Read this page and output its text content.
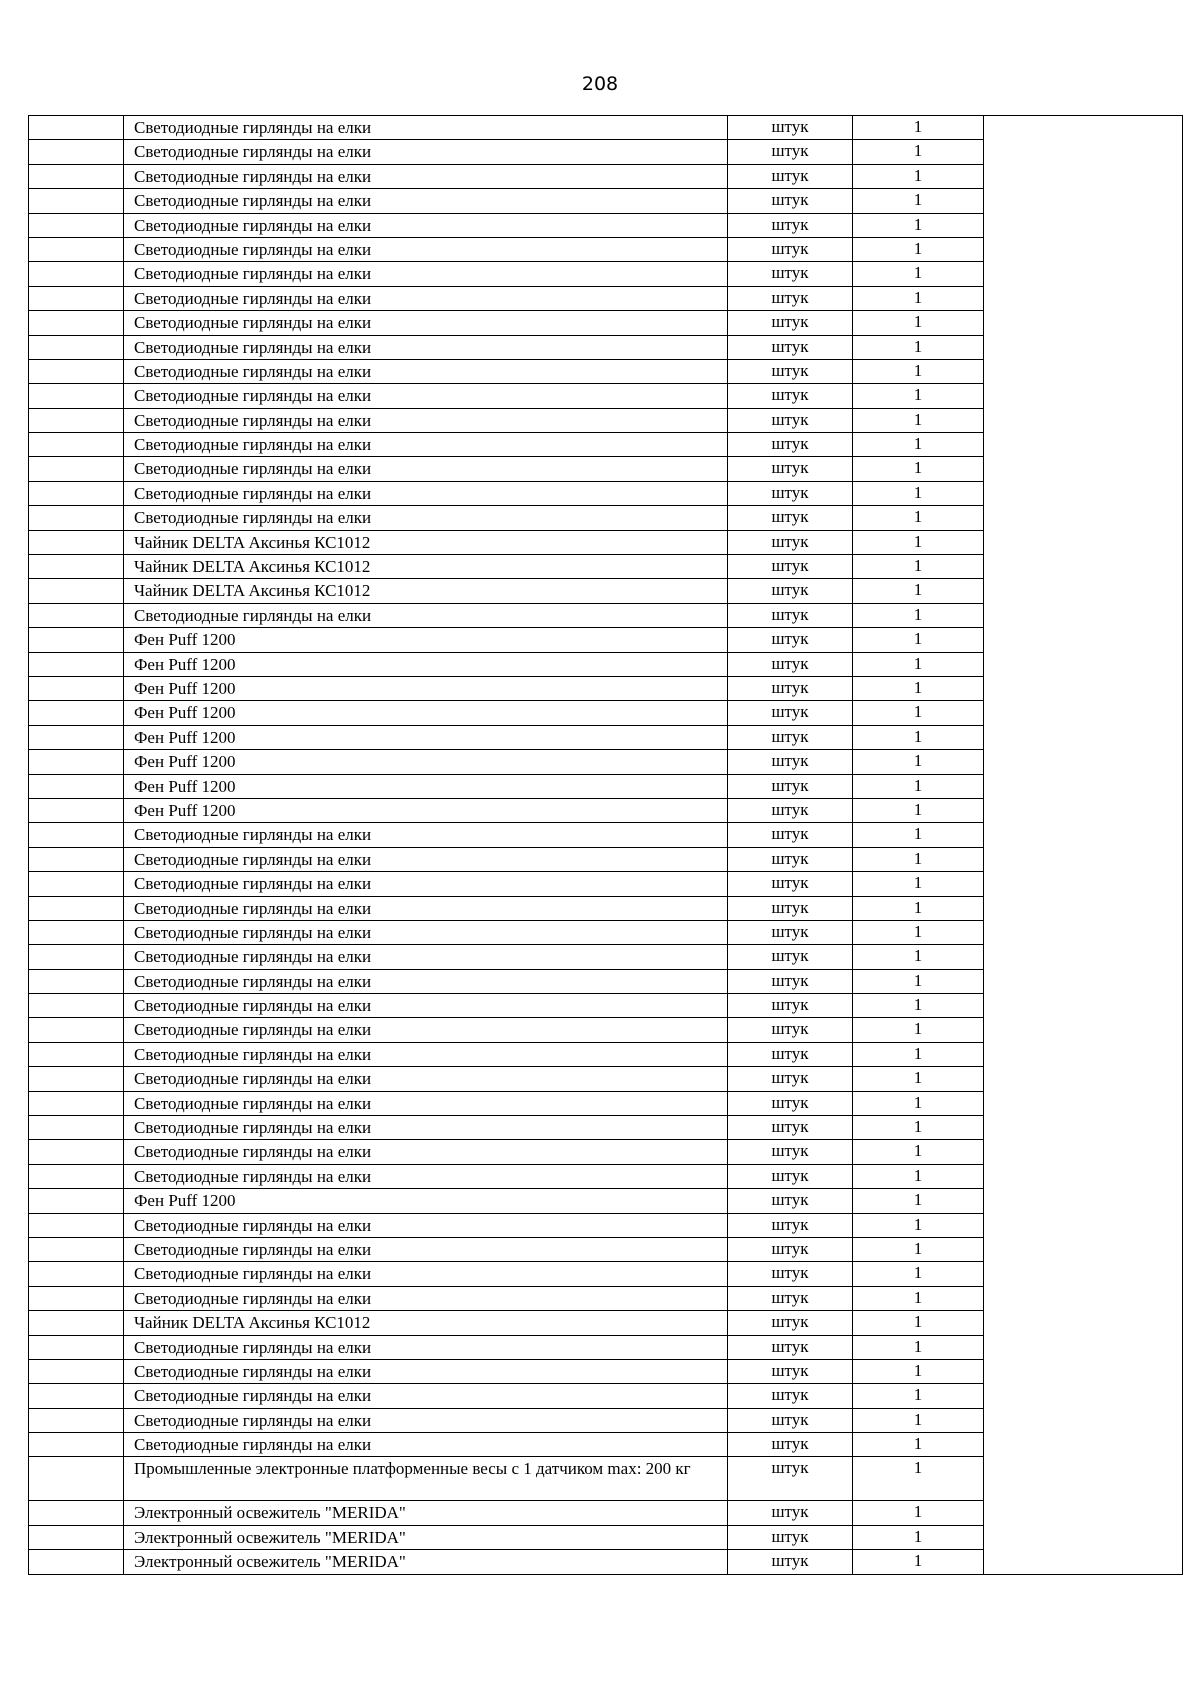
208

	Светодиодные гирлянды на елки	штук	1	

	Светодиодные гирлянды на елки	штук	1	

	Светодиодные гирлянды на елки	штук	1	

	Светодиодные гирлянды на елки	штук	1	

	Светодиодные гирлянды на елки	штук	1	

	Светодиодные гирлянды на елки	штук	1	

	Светодиодные гирлянды на елки	штук	1	

	Светодиодные гирлянды на елки	штук	1	

	Светодиодные гирлянды на елки	штук	1	

	Светодиодные гирлянды на елки	штук	1	

	Светодиодные гирлянды на елки	штук	1	

	Светодиодные гирлянды на елки	штук	1	

	Светодиодные гирлянды на елки	штук	1	

	Светодиодные гирлянды на елки	штук	1	

	Светодиодные гирлянды на елки	штук	1	

	Светодиодные гирлянды на елки	штук	1	

	Светодиодные гирлянды на елки	штук	1	

	Чайник DELTA Аксинья КС1012	штук	1	

	Чайник DELTA Аксинья КС1012	штук	1	

	Чайник DELTA Аксинья КС1012	штук	1	

	Светодиодные гирлянды на елки	штук	1	

	Фен Puff 1200	штук	1	

	Фен Puff 1200	штук	1	

	Фен Puff 1200	штук	1	

	Фен Puff 1200	штук	1	

	Фен Puff 1200	штук	1	

	Фен Puff 1200	штук	1	

	Фен Puff 1200	штук	1	

	Фен Puff 1200	штук	1	

	Светодиодные гирлянды на елки	штук	1	

	Светодиодные гирлянды на елки	штук	1	

	Светодиодные гирлянды на елки	штук	1	

	Светодиодные гирлянды на елки	штук	1	

	Светодиодные гирлянды на елки	штук	1	

	Светодиодные гирлянды на елки	штук	1	

	Светодиодные гирлянды на елки	штук	1	

	Светодиодные гирлянды на елки	штук	1	

	Светодиодные гирлянды на елки	штук	1	

	Светодиодные гирлянды на елки	штук	1	

	Светодиодные гирлянды на елки	штук	1	

	Светодиодные гирлянды на елки	штук	1	

	Светодиодные гирлянды на елки	штук	1	

	Светодиодные гирлянды на елки	штук	1	

	Светодиодные гирлянды на елки	штук	1	

	Фен Puff 1200	штук	1	

	Светодиодные гирлянды на елки	штук	1	

	Светодиодные гирлянды на елки	штук	1	

	Светодиодные гирлянды на елки	штук	1	

	Светодиодные гирлянды на елки	штук	1	

	Чайник DELTA Аксинья КС1012	штук	1	

	Светодиодные гирлянды на елки	штук	1	

	Светодиодные гирлянды на елки	штук	1	

	Светодиодные гирлянды на елки	штук	1	

	Светодиодные гирлянды на елки	штук	1	

	Светодиодные гирлянды на елки	штук	1	

	Промышленные электронные платформенные весы с 1 датчиком max: 200 кг	штук	1	

	Электронный освежитель "MERIDA"	штук	1	

	Электронный освежитель "MERIDA"	штук	1	

	Электронный освежитель "MERIDA"	штук	1	
